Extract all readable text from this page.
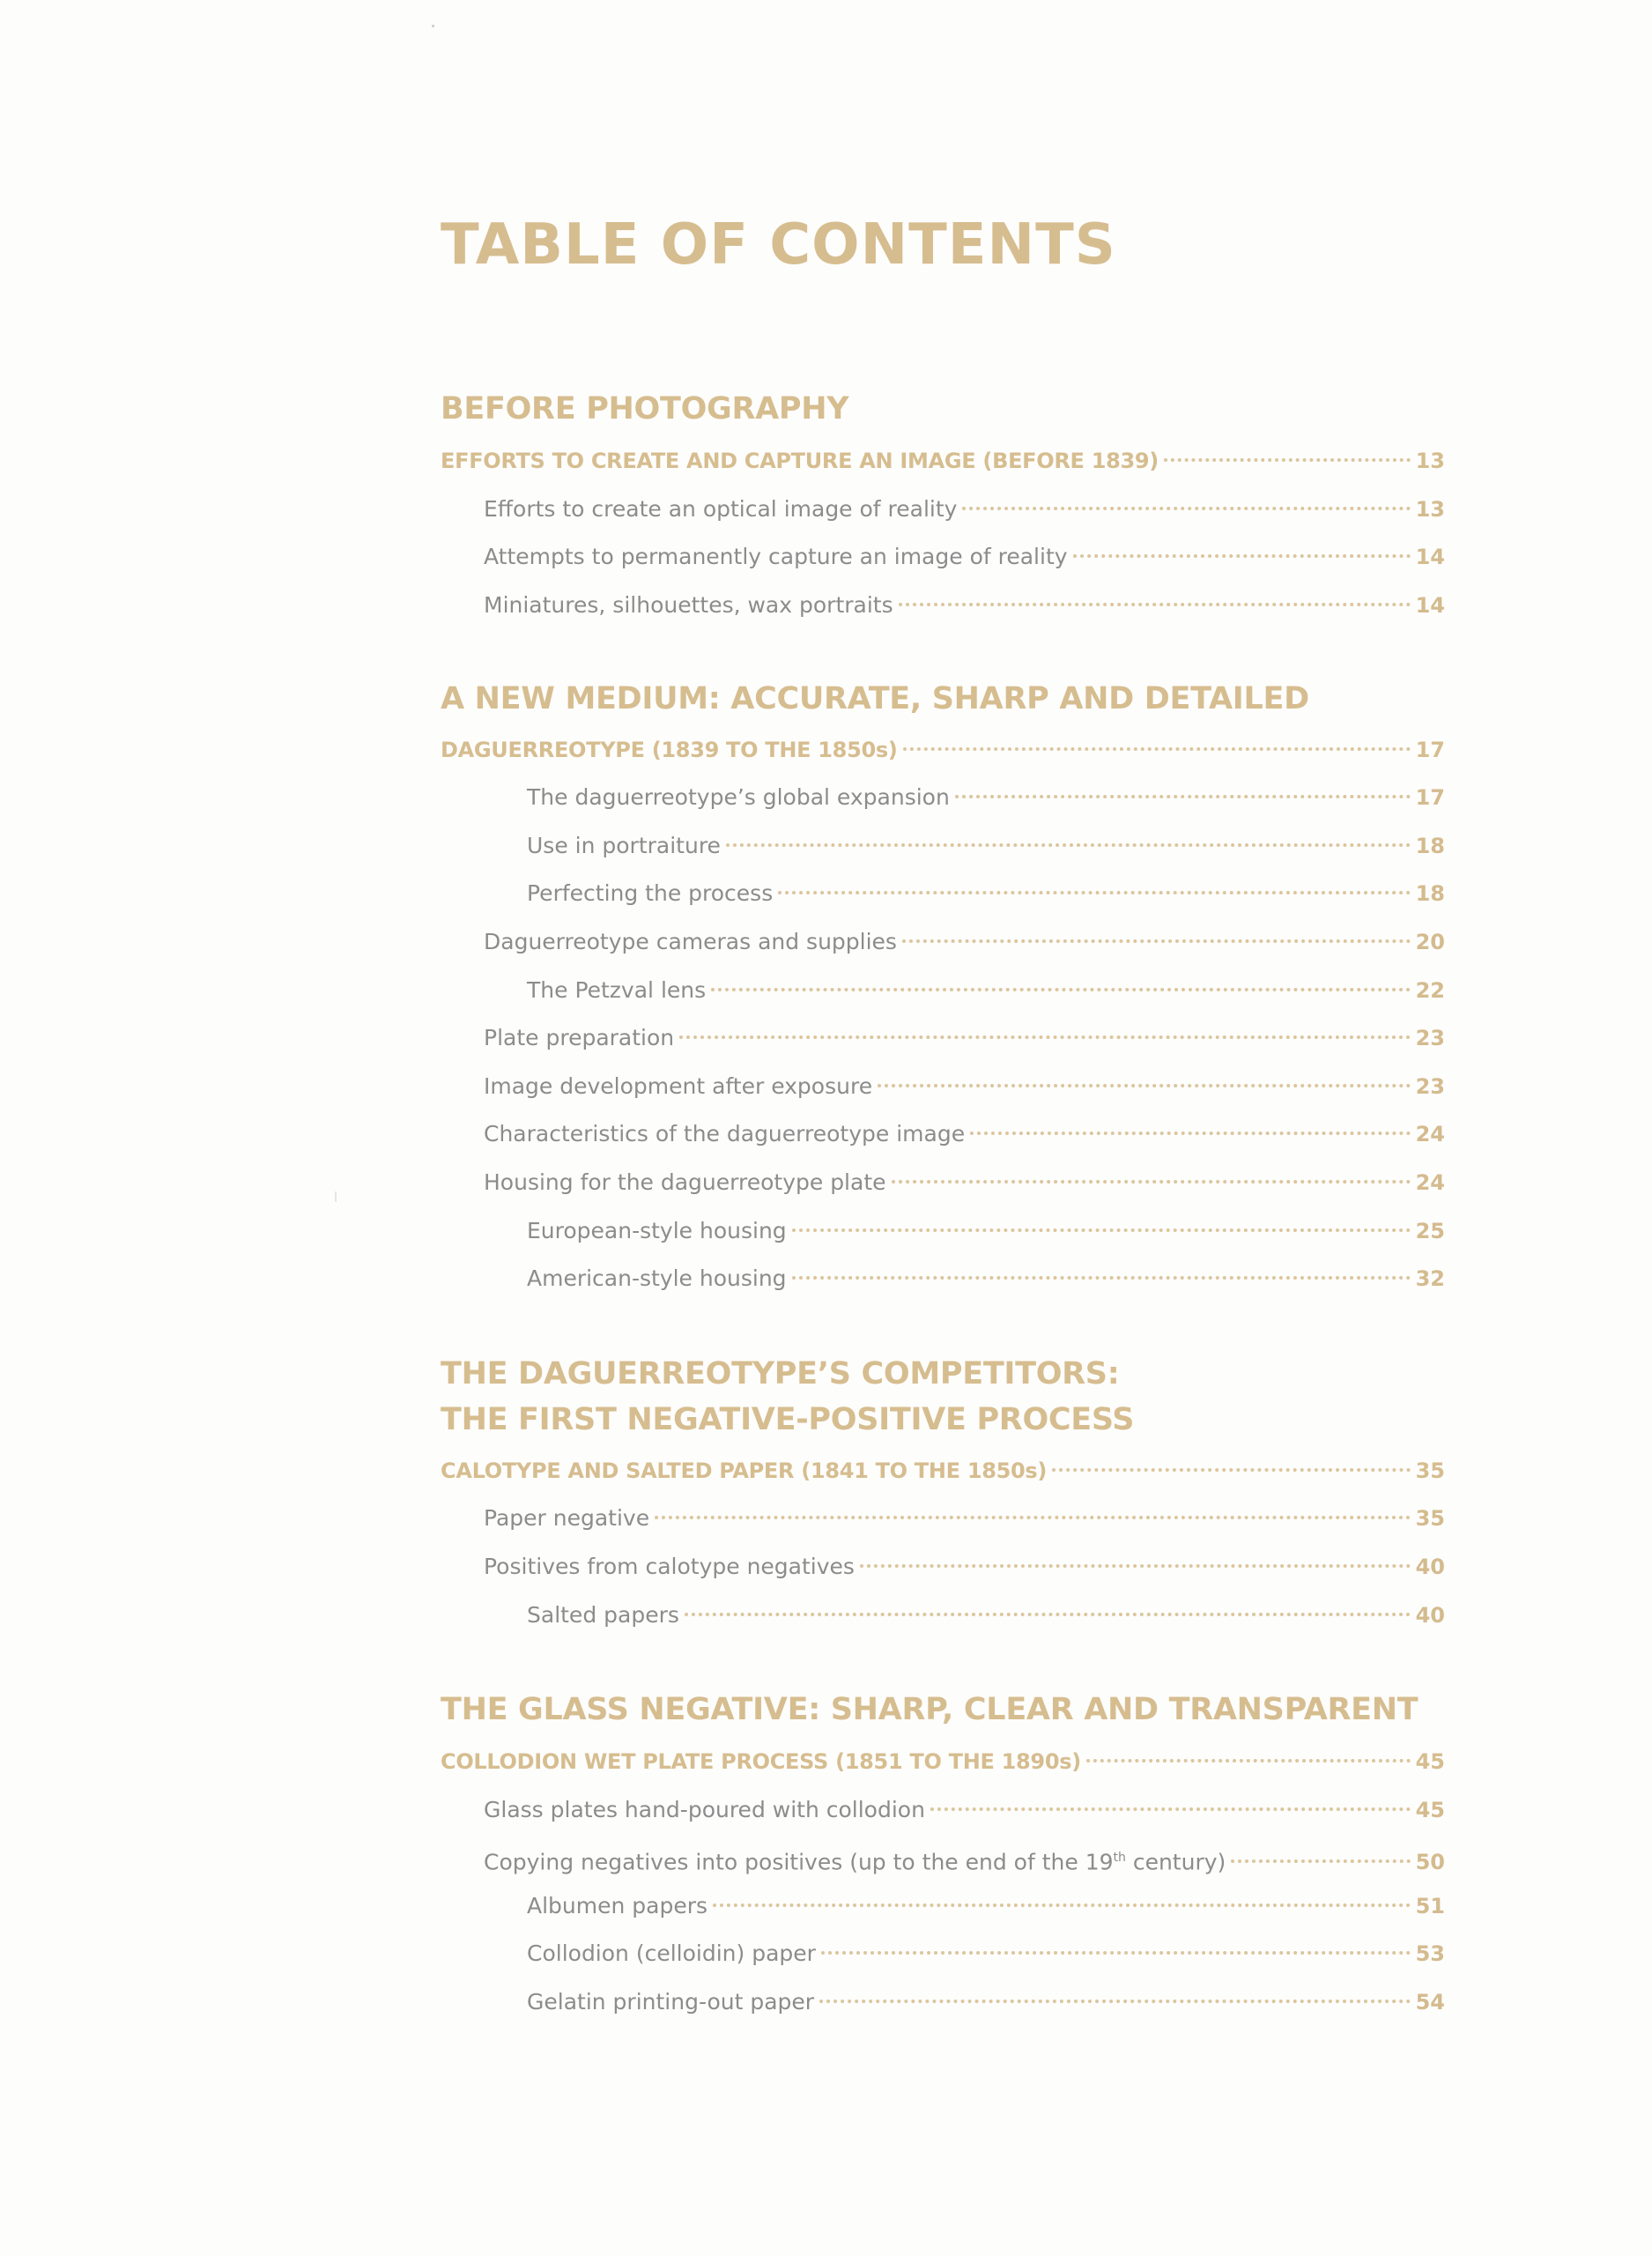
TABLE OF CONTENTS
BEFORE PHOTOGRAPHY
EFFORTS TO CREATE AND CAPTURE AN IMAGE (BEFORE 1839)	13
Efforts to create an optical image of reality	13
Attempts to permanently capture an image of reality	14
Miniatures, silhouettes, wax portraits	14
A NEW MEDIUM: ACCURATE, SHARP AND DETAILED
DAGUERREOTYPE (1839 TO THE 1850s)	17
The daguerreotype’s global expansion	17
Use in portraiture	18
Perfecting the process	18
Daguerreotype cameras and supplies	20
The Petzval lens	22
Plate preparation	23
Image development after exposure	23
Characteristics of the daguerreotype image	24
Housing for the daguerreotype plate	24
European-style housing	25
American-style housing	32
THE DAGUERREOTYPE’S COMPETITORS:
THE FIRST NEGATIVE-POSITIVE PROCESS
CALOTYPE AND SALTED PAPER (1841 TO THE 1850s)	35
Paper negative	35
Positives from calotype negatives	40
Salted papers	40
THE GLASS NEGATIVE: SHARP, CLEAR AND TRANSPARENT
COLLODION WET PLATE PROCESS (1851 TO THE 1890s)	45
Glass plates hand-poured with collodion	45
Copying negatives into positives (up to the end of the 19th century)	50
Albumen papers	51
Collodion (celloidin) paper	53
Gelatin printing-out paper	54
